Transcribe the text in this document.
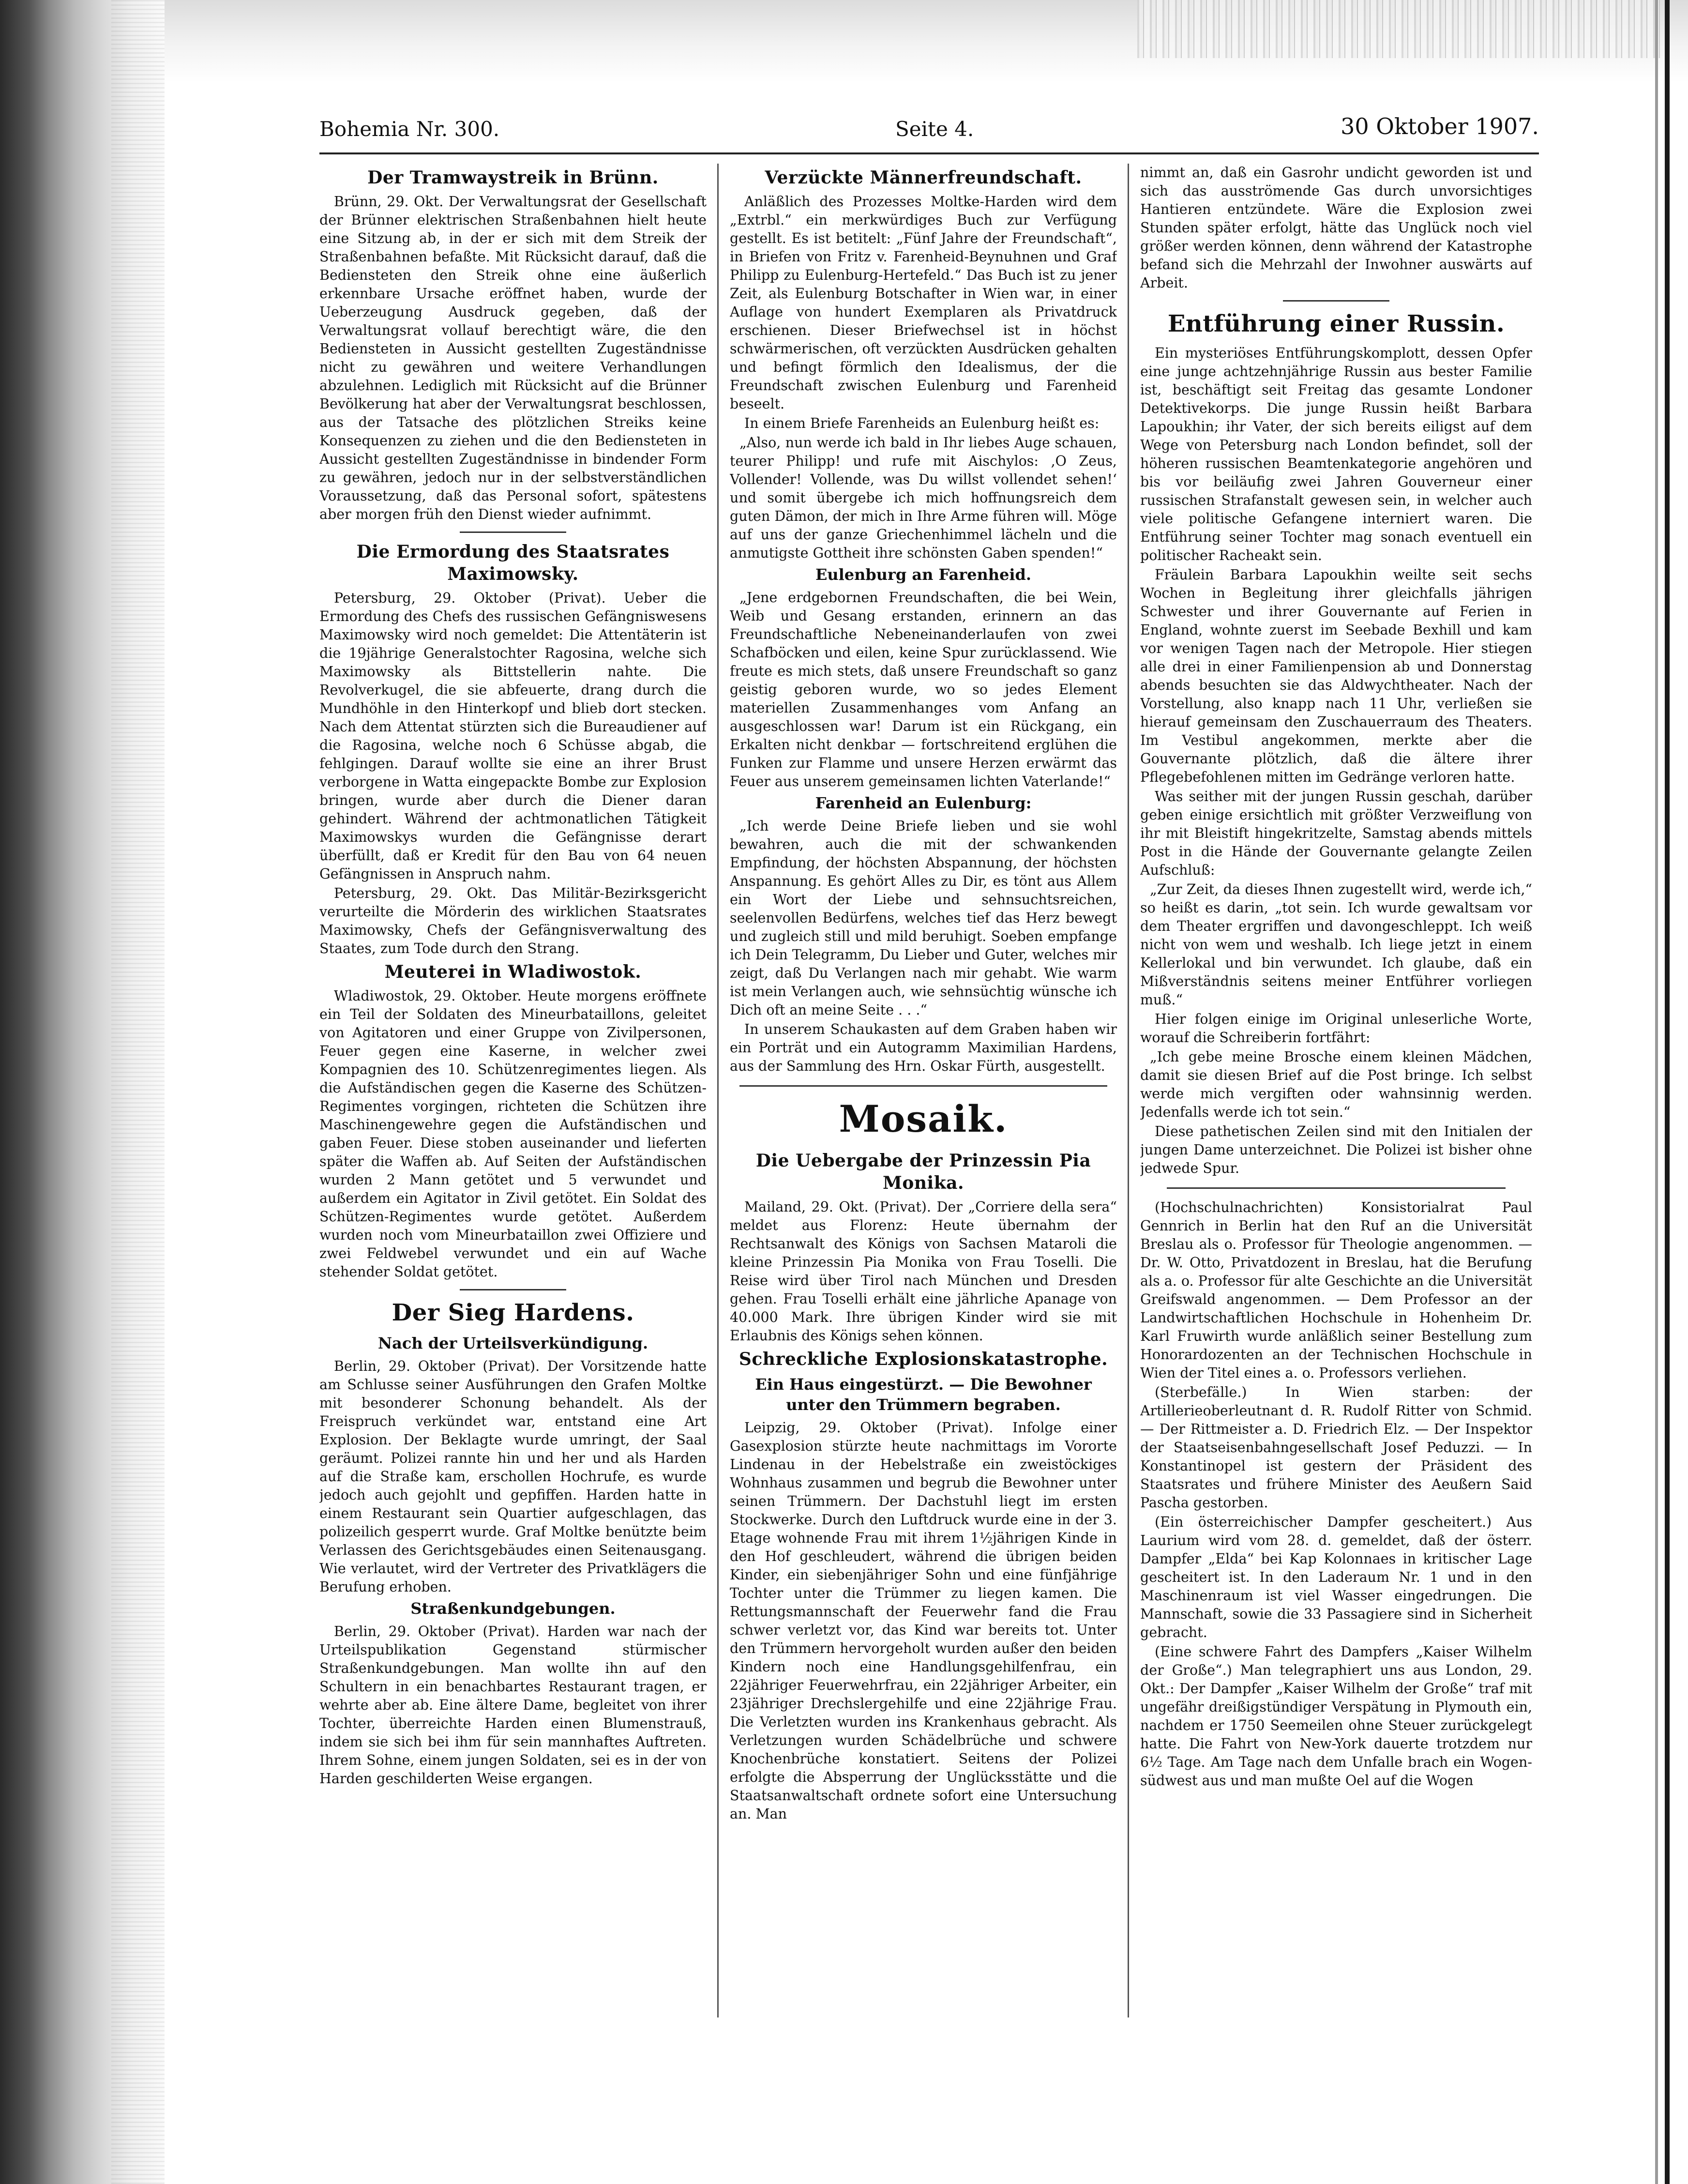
Bohemia Nr. 300.	Seite 4.	30 Oktober 1907.
Der Tramwaystreik in Brünn.
Brünn, 29. Okt. Der Verwaltungsrat der Gesellschaft der Brünner elektrischen Straßenbahnen hielt heute eine Sitzung ab, in der er sich mit dem Streik der Straßenbahnen befaßte. Mit Rücksicht darauf, daß die Bediensteten den Streik ohne eine äußerlich erkennbare Ursache eröffnet haben, wurde der Ueberzeugung Ausdruck gegeben, daß der Verwaltungsrat vollauf berechtigt wäre, die den Bediensteten in Aussicht gestellten Zugeständnisse nicht zu gewähren und weitere Verhandlungen abzulehnen. Lediglich mit Rücksicht auf die Brünner Bevölkerung hat aber der Verwaltungsrat beschlossen, aus der Tatsache des plötzlichen Streiks keine Konsequenzen zu ziehen und die den Bediensteten in Aussicht gestellten Zugeständnisse in bindender Form zu gewähren, jedoch nur in der selbstverständlichen Voraussetzung, daß das Personal sofort, spätestens aber morgen früh den Dienst wieder aufnimmt.
Die Ermordung des Staatsrates Maximowsky.
Petersburg, 29. Oktober (Privat). Ueber die Ermordung des Chefs des russischen Gefängniswesens Maximowsky wird noch gemeldet: Die Attentäterin ist die 19jährige Generalstochter Ragosina, welche sich Maximowsky als Bittstellerin nahte. Die Revolverkugel, die sie abfeuerte, drang durch die Mundhöhle in den Hinterkopf und blieb dort stecken. Nach dem Attentat stürzten sich die Bureaudiener auf die Ragosina, welche noch 6 Schüsse abgab, die fehlgingen. Darauf wollte sie eine an ihrer Brust verborgene in Watta eingepackte Bombe zur Explosion bringen, wurde aber durch die Diener daran gehindert. Während der achtmonatlichen Tätigkeit Maximowskys wurden die Gefängnisse derart überfüllt, daß er Kredit für den Bau von 64 neuen Gefängnissen in Anspruch nahm.
Petersburg, 29. Okt. Das Militär-Bezirksgericht verurteilte die Mörderin des wirklichen Staatsrates Maximowsky, Chefs der Gefängnisverwaltung des Staates, zum Tode durch den Strang.
Meuterei in Wladiwostok.
Wladiwostok, 29. Oktober. Heute morgens eröffnete ein Teil der Soldaten des Mineurbataillons, geleitet von Agitatoren und einer Gruppe von Zivilpersonen, Feuer gegen eine Kaserne, in welcher zwei Kompagnien des 10. Schützenregimentes liegen. Als die Aufständischen gegen die Kaserne des Schützen-Regimentes vorgingen, richteten die Schützen ihre Maschinengewehre gegen die Aufständischen und gaben Feuer. Diese stoben auseinander und lieferten später die Waffen ab. Auf Seiten der Aufständischen wurden 2 Mann getötet und 5 verwundet und außerdem ein Agitator in Zivil getötet. Ein Soldat des Schützen-Regimentes wurde getötet. Außerdem wurden noch vom Mineurbataillon zwei Offiziere und zwei Feldwebel verwundet und ein auf Wache stehender Soldat getötet.
Der Sieg Hardens.
Nach der Urteilsverkündigung.
Berlin, 29. Oktober (Privat). Der Vorsitzende hatte am Schlusse seiner Ausführungen den Grafen Moltke mit besonderer Schonung behandelt. Als der Freispruch verkündet war, entstand eine Art Explosion. Der Beklagte wurde umringt, der Saal geräumt. Polizei rannte hin und her und als Harden auf die Straße kam, erschollen Hochrufe, es wurde jedoch auch gejohlt und gepfiffen. Harden hatte in einem Restaurant sein Quartier aufgeschlagen, das polizeilich gesperrt wurde. Graf Moltke benützte beim Verlassen des Gerichtsgebäudes einen Seitenausgang. Wie verlautet, wird der Vertreter des Privatklägers die Berufung erhoben.
Straßenkundgebungen.
Berlin, 29. Oktober (Privat). Harden war nach der Urteilspublikation Gegenstand stürmischer Straßenkundgebungen. Man wollte ihn auf den Schultern in ein benachbartes Restaurant tragen, er wehrte aber ab. Eine ältere Dame, begleitet von ihrer Tochter, überreichte Harden einen Blumenstrauß, indem sie sich bei ihm für sein mannhaftes Auftreten. Ihrem Sohne, einem jungen Soldaten, sei es in der von Harden geschilderten Weise ergangen.
Verzückte Männerfreundschaft.
Anläßlich des Prozesses Moltke-Harden wird dem „Extrbl.“ ein merkwürdiges Buch zur Verfügung gestellt. Es ist betitelt: „Fünf Jahre der Freundschaft“, in Briefen von Fritz v. Farenheid-Beynuhnen und Graf Philipp zu Eulenburg-Hertefeld.“ Das Buch ist zu jener Zeit, als Eulenburg Botschafter in Wien war, in einer Auflage von hundert Exemplaren als Privatdruck erschienen. Dieser Briefwechsel ist in höchst schwärmerischen, oft verzückten Ausdrücken gehalten und befingt förmlich den Idealismus, der die Freundschaft zwischen Eulenburg und Farenheid beseelt.
In einem Briefe Farenheids an Eulenburg heißt es:
„Also, nun werde ich bald in Ihr liebes Auge schauen, teurer Philipp! und rufe mit Aischylos: ‚O Zeus, Vollender! Vollende, was Du willst vollendet sehen!‘ und somit übergebe ich mich hoffnungsreich dem guten Dämon, der mich in Ihre Arme führen will. Möge auf uns der ganze Griechenhimmel lächeln und die anmutigste Gottheit ihre schönsten Gaben spenden!“
Eulenburg an Farenheid.
„Jene erdgebornen Freundschaften, die bei Wein, Weib und Gesang erstanden, erinnern an das Freundschaftliche Nebeneinanderlaufen von zwei Schafböcken und eilen, keine Spur zurücklassend. Wie freute es mich stets, daß unsere Freundschaft so ganz geistig geboren wurde, wo so jedes Element materiellen Zusammenhanges vom Anfang an ausgeschlossen war! Darum ist ein Rückgang, ein Erkalten nicht denkbar — fortschreitend erglühen die Funken zur Flamme und unsere Herzen erwärmt das Feuer aus unserem gemeinsamen lichten Vaterlande!“
Farenheid an Eulenburg:
„Ich werde Deine Briefe lieben und sie wohl bewahren, auch die mit der schwankenden Empfindung, der höchsten Abspannung, der höchsten Anspannung. Es gehört Alles zu Dir, es tönt aus Allem ein Wort der Liebe und sehnsuchtsreichen, seelenvollen Bedürfens, welches tief das Herz bewegt und zugleich still und mild beruhigt. Soeben empfange ich Dein Telegramm, Du Lieber und Guter, welches mir zeigt, daß Du Verlangen nach mir gehabt. Wie warm ist mein Verlangen auch, wie sehnsüchtig wünsche ich Dich oft an meine Seite . . .“
In unserem Schaukasten auf dem Graben haben wir ein Porträt und ein Autogramm Maximilian Hardens, aus der Sammlung des Hrn. Oskar Fürth, ausgestellt.
Mosaik.
Die Uebergabe der Prinzessin Pia Monika.
Mailand, 29. Okt. (Privat). Der „Corriere della sera“ meldet aus Florenz: Heute übernahm der Rechtsanwalt des Königs von Sachsen Mataroli die kleine Prinzessin Pia Monika von Frau Toselli. Die Reise wird über Tirol nach München und Dresden gehen. Frau Toselli erhält eine jährliche Apanage von 40.000 Mark. Ihre übrigen Kinder wird sie mit Erlaubnis des Königs sehen können.
Schreckliche Explosionskatastrophe.
Ein Haus eingestürzt. — Die Bewohner unter den Trümmern begraben.
Leipzig, 29. Oktober (Privat). Infolge einer Gasexplosion stürzte heute nachmittags im Vororte Lindenau in der Hebelstraße ein zweistöckiges Wohnhaus zusammen und begrub die Bewohner unter seinen Trümmern. Der Dachstuhl liegt im ersten Stockwerke. Durch den Luftdruck wurde eine in der 3. Etage wohnende Frau mit ihrem 1½jährigen Kinde in den Hof geschleudert, während die übrigen beiden Kinder, ein siebenjähriger Sohn und eine fünfjährige Tochter unter die Trümmer zu liegen kamen. Die Rettungsmannschaft der Feuerwehr fand die Frau schwer verletzt vor, das Kind war bereits tot. Unter den Trümmern hervorgeholt wurden außer den beiden Kindern noch eine Handlungsgehilfenfrau, ein 22jähriger Feuerwehrfrau, ein 22jähriger Arbeiter, ein 23jähriger Drechslergehilfe und eine 22jährige Frau. Die Verletzten wurden ins Krankenhaus gebracht. Als Verletzungen wurden Schädelbrüche und schwere Knochenbrüche konstatiert. Seitens der Polizei erfolgte die Absperrung der Unglücksstätte und die Staatsanwaltschaft ordnete sofort eine Untersuchung an. Man
nimmt an, daß ein Gasrohr undicht geworden ist und sich das ausströmende Gas durch unvorsichtiges Hantieren entzündete. Wäre die Explosion zwei Stunden später erfolgt, hätte das Unglück noch viel größer werden können, denn während der Katastrophe befand sich die Mehrzahl der Inwohner auswärts auf Arbeit.
Entführung einer Russin.
Ein mysteriöses Entführungskomplott, dessen Opfer eine junge achtzehnjährige Russin aus bester Familie ist, beschäftigt seit Freitag das gesamte Londoner Detektivekorps. Die junge Russin heißt Barbara Lapoukhin; ihr Vater, der sich bereits eiligst auf dem Wege von Petersburg nach London befindet, soll der höheren russischen Beamtenkategorie angehören und bis vor beiläufig zwei Jahren Gouverneur einer russischen Strafanstalt gewesen sein, in welcher auch viele politische Gefangene interniert waren. Die Entführung seiner Tochter mag sonach eventuell ein politischer Racheakt sein.
Fräulein Barbara Lapoukhin weilte seit sechs Wochen in Begleitung ihrer gleichfalls jährigen Schwester und ihrer Gouvernante auf Ferien in England, wohnte zuerst im Seebade Bexhill und kam vor wenigen Tagen nach der Metropole. Hier stiegen alle drei in einer Familienpension ab und Donnerstag abends besuchten sie das Aldwychtheater. Nach der Vorstellung, also knapp nach 11 Uhr, verließen sie hierauf gemeinsam den Zuschauerraum des Theaters. Im Vestibul angekommen, merkte aber die Gouvernante plötzlich, daß die ältere ihrer Pflegebefohlenen mitten im Gedränge verloren hatte.
Was seither mit der jungen Russin geschah, darüber geben einige ersichtlich mit größter Verzweiflung von ihr mit Bleistift hingekritzelte, Samstag abends mittels Post in die Hände der Gouvernante gelangte Zeilen Aufschluß:
„Zur Zeit, da dieses Ihnen zugestellt wird, werde ich,“ so heißt es darin, „tot sein. Ich wurde gewaltsam vor dem Theater ergriffen und davongeschleppt. Ich weiß nicht von wem und weshalb. Ich liege jetzt in einem Kellerlokal und bin verwundet. Ich glaube, daß ein Mißverständnis seitens meiner Entführer vorliegen muß.“
Hier folgen einige im Original unleserliche Worte, worauf die Schreiberin fortfährt:
„Ich gebe meine Brosche einem kleinen Mädchen, damit sie diesen Brief auf die Post bringe. Ich selbst werde mich vergiften oder wahnsinnig werden. Jedenfalls werde ich tot sein.“
Diese pathetischen Zeilen sind mit den Initialen der jungen Dame unterzeichnet. Die Polizei ist bisher ohne jedwede Spur.
(Hochschulnachrichten) Konsistorialrat Paul Gennrich in Berlin hat den Ruf an die Universität Breslau als o. Professor für Theologie angenommen. — Dr. W. Otto, Privatdozent in Breslau, hat die Berufung als a. o. Professor für alte Geschichte an die Universität Greifswald angenommen. — Dem Professor an der Landwirtschaftlichen Hochschule in Hohenheim Dr. Karl Fruwirth wurde anläßlich seiner Bestellung zum Honorardozenten an der Technischen Hochschule in Wien der Titel eines a. o. Professors verliehen.
(Sterbefälle.) In Wien starben: der Artillerieoberleutnant d. R. Rudolf Ritter von Schmid. — Der Rittmeister a. D. Friedrich Elz. — Der Inspektor der Staatseisenbahngesellschaft Josef Peduzzi. — In Konstantinopel ist gestern der Präsident des Staatsrates und frühere Minister des Aeußern Said Pascha gestorben.
(Ein österreichischer Dampfer gescheitert.) Aus Laurium wird vom 28. d. gemeldet, daß der österr. Dampfer „Elda“ bei Kap Kolonnaes in kritischer Lage gescheitert ist. In den Laderaum Nr. 1 und in den Maschinenraum ist viel Wasser eingedrungen. Die Mannschaft, sowie die 33 Passagiere sind in Sicherheit gebracht.
(Eine schwere Fahrt des Dampfers „Kaiser Wilhelm der Große“.) Man telegraphiert uns aus London, 29. Okt.: Der Dampfer „Kaiser Wilhelm der Große“ traf mit ungefähr dreißigstündiger Verspätung in Plymouth ein, nachdem er 1750 Seemeilen ohne Steuer zurückgelegt hatte. Die Fahrt von New-York dauerte trotzdem nur 6½ Tage. Am Tage nach dem Unfalle brach ein Wogen-südwest aus und man mußte Oel auf die Wogen
